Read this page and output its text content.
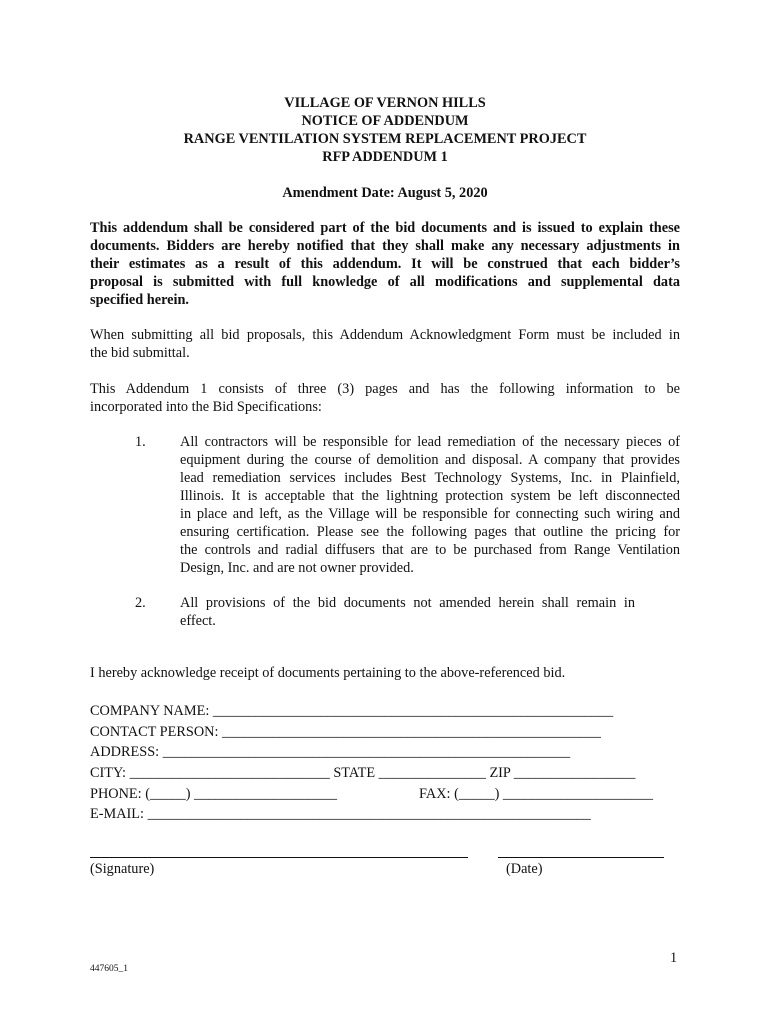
VILLAGE OF VERNON HILLS
NOTICE OF ADDENDUM
RANGE VENTILATION SYSTEM REPLACEMENT PROJECT
RFP ADDENDUM 1
Amendment Date: August 5, 2020
This addendum shall be considered part of the bid documents and is issued to explain these
documents. Bidders are hereby notified that they shall make any necessary adjustments in
their estimates as a result of this addendum. It will be construed that each bidder’s
proposal is submitted with full knowledge of all modifications and supplemental data
specified herein.
When submitting all bid proposals, this Addendum Acknowledgment Form must be included in
the bid submittal.
This Addendum 1 consists of three (3) pages and has the following information to be
incorporated into the Bid Specifications:
1. All contractors will be responsible for lead remediation of the necessary pieces of
equipment during the course of demolition and disposal. A company that provides
lead remediation services includes Best Technology Systems, Inc. in Plainfield,
Illinois. It is acceptable that the lightning protection system be left disconnected
in place and left, as the Village will be responsible for connecting such wiring and
ensuring certification. Please see the following pages that outline the pricing for
the controls and radial diffusers that are to be purchased from Range Ventilation
Design, Inc. and are not owner provided.
2. All provisions of the bid documents not amended herein shall remain in
effect.
I hereby acknowledge receipt of documents pertaining to the above-referenced bid.
COMPANY NAME: ________________________________________________________
CONTACT PERSON: _____________________________________________________
ADDRESS: _________________________________________________________
CITY: ____________________________ STATE _______________ ZIP _________________
PHONE: (_____) ____________________	FAX: (_____) _____________________
E-MAIL: ______________________________________________________________
(Signature)	(Date)
1
447605_1
